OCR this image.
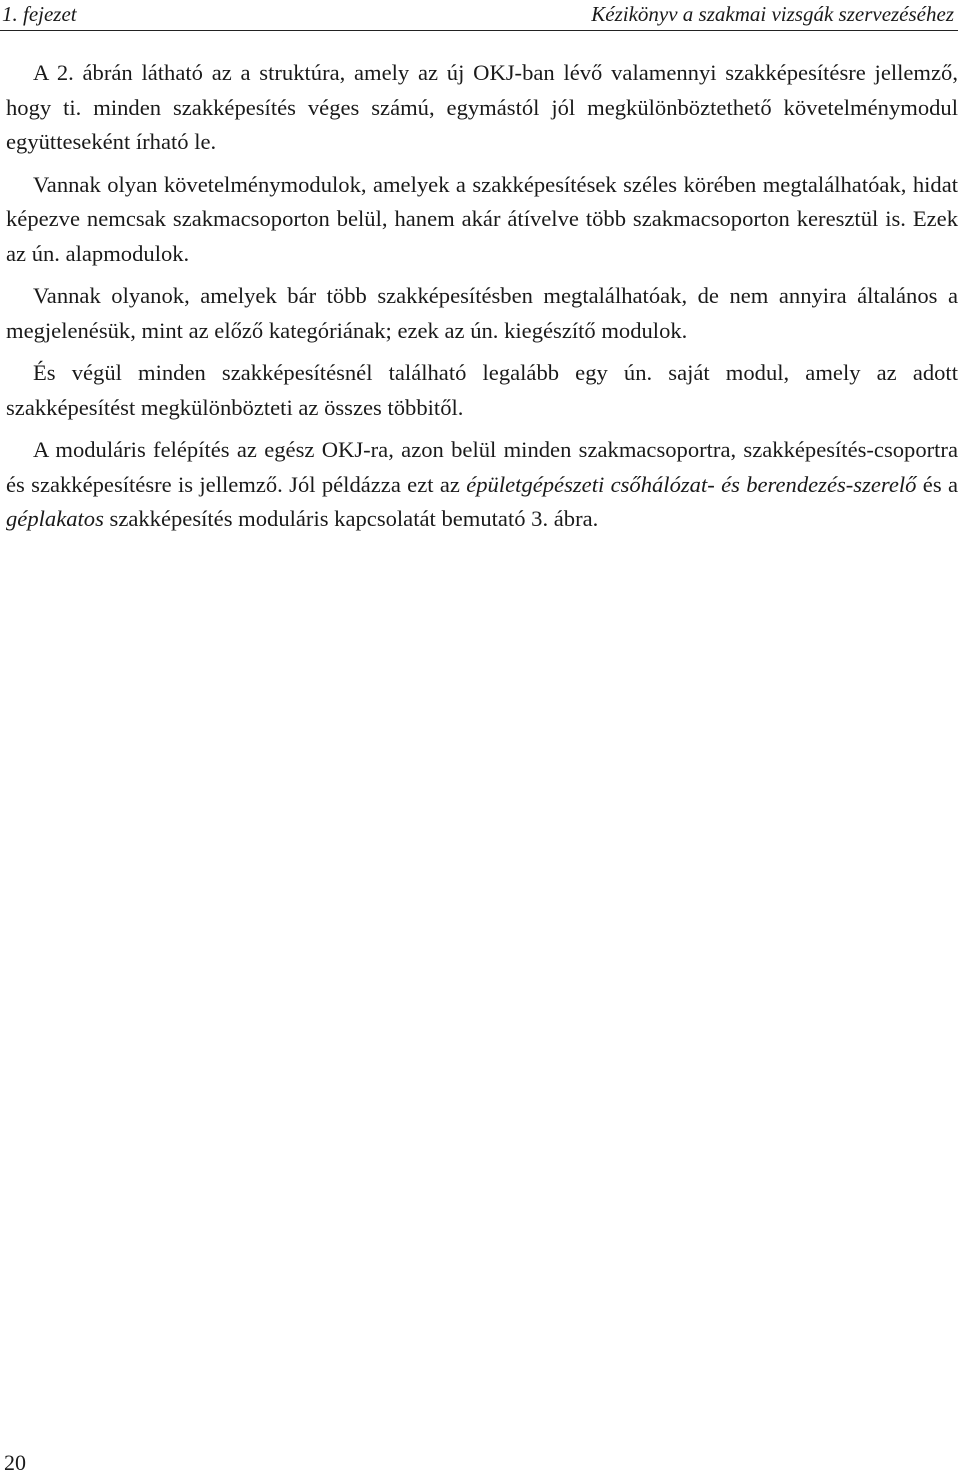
1. fejezet	Kézikönyv a szakmai vizsgák szervezéséhez

A 2. ábrán látható az a struktúra, amely az új OKJ-ban lévő valamennyi szakképesítésre jellemző, hogy ti. minden szakképesítés véges számú, egymástól jól megkülönböztethető követelménymodul együtteseként írható le.

Vannak olyan követelménymodulok, amelyek a szakképesítések széles körében megtalálhatóak, hidat képezve nemcsak szakmacsoporton belül, hanem akár átívelve több szakmacsoporton keresztül is. Ezek az ún. alapmodulok.

Vannak olyanok, amelyek bár több szakképesítésben megtalálhatóak, de nem annyira általános a megjelenésük, mint az előző kategóriának; ezek az ún. kiegészítő modulok.

És végül minden szakképesítésnél található legalább egy ún. saját modul, amely az adott szakképesítést megkülönbözteti az összes többitől.

A moduláris felépítés az egész OKJ-ra, azon belül minden szakmacsoportra, szakképesítés-csoportra és szakképesítésre is jellemző. Jól példázza ezt az épületgépészeti csőhálózat- és berendezés-szerelő és a géplakatos szakképesítés moduláris kapcsolatát bemutató 3. ábra.

20
